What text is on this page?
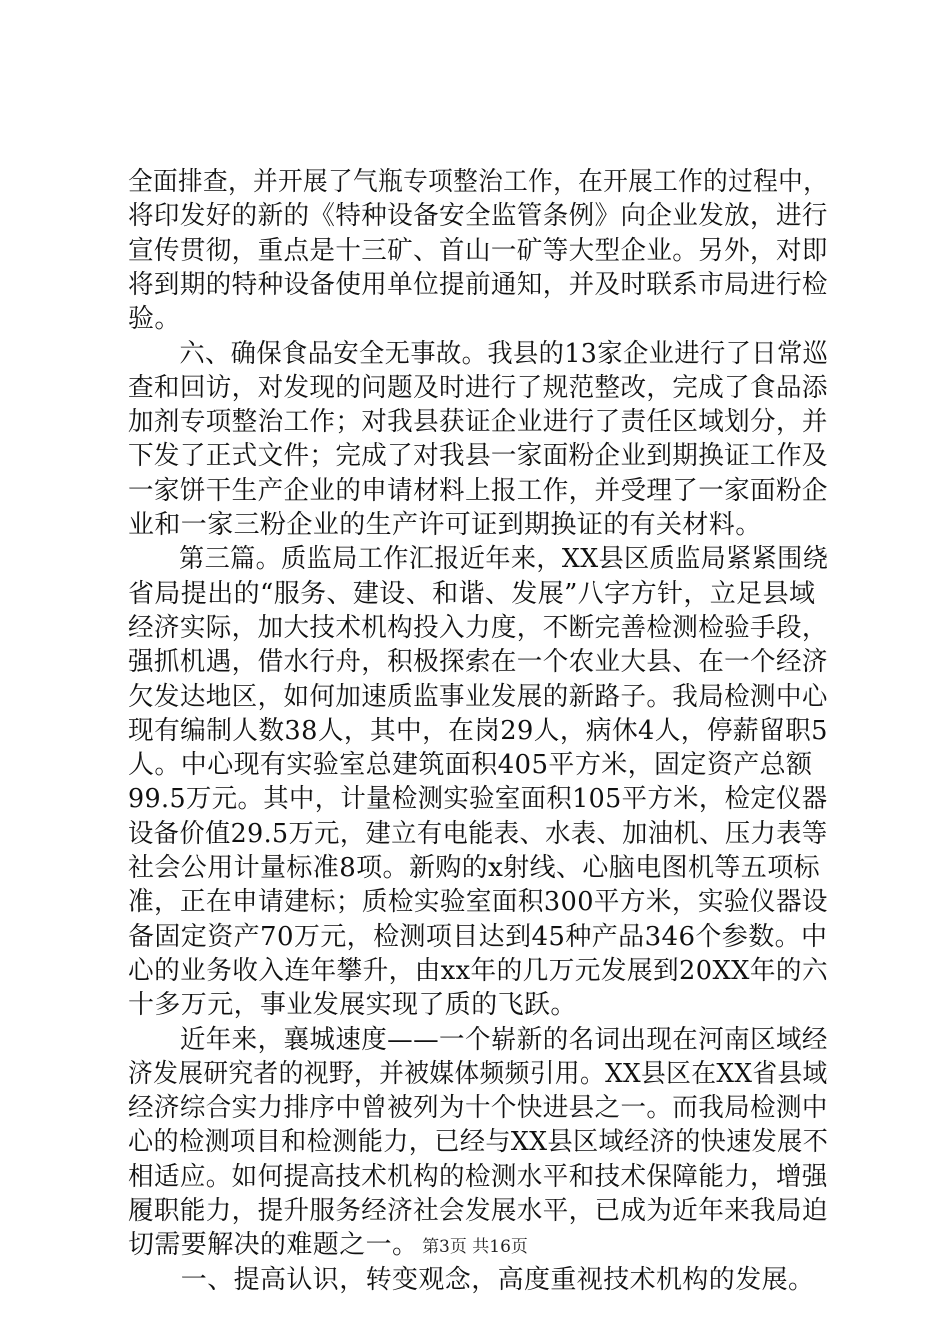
全面排查，并开展了气瓶专项整治工作，在开展工作的过程中，
将印发好的新的《特种设备安全监管条例》向企业发放，进行
宣传贯彻，重点是十三矿、首山一矿等大型企业。另外，对即
将到期的特种设备使用单位提前通知，并及时联系市局进行检
验。
　　六、确保食品安全无事故。我县的13家企业进行了日常巡
查和回访，对发现的问题及时进行了规范整改，完成了食品添
加剂专项整治工作；对我县获证企业进行了责任区域划分，并
下发了正式文件；完成了对我县一家面粉企业到期换证工作及
一家饼干生产企业的申请材料上报工作，并受理了一家面粉企
业和一家三粉企业的生产许可证到期换证的有关材料。
　　第三篇。质监局工作汇报近年来，XX县区质监局紧紧围绕
省局提出的“服务、建设、和谐、发展”八字方针，立足县域
经济实际，加大技术机构投入力度，不断完善检测检验手段，
强抓机遇，借水行舟，积极探索在一个农业大县、在一个经济
欠发达地区，如何加速质监事业发展的新路子。我局检测中心
现有编制人数38人，其中，在岗29人，病休4人，停薪留职5
人。中心现有实验室总建筑面积405平方米，固定资产总额
99.5万元。其中，计量检测实验室面积105平方米，检定仪器
设备价值29.5万元，建立有电能表、水表、加油机、压力表等
社会公用计量标准8项。新购的x射线、心脑电图机等五项标
准，正在申请建标；质检实验室面积300平方米，实验仪器设
备固定资产70万元，检测项目达到45种产品346个参数。中
心的业务收入连年攀升，由xx年的几万元发展到20XX年的六
十多万元，事业发展实现了质的飞跃。
　　近年来，襄城速度——一个崭新的名词出现在河南区域经
济发展研究者的视野，并被媒体频频引用。XX县区在XX省县域
经济综合实力排序中曾被列为十个快进县之一。而我局检测中
心的检测项目和检测能力，已经与XX县区域经济的快速发展不
相适应。如何提高技术机构的检测水平和技术保障能力，增强
履职能力，提升服务经济社会发展水平，已成为近年来我局迫
切需要解决的难题之一。
　　一、提高认识，转变观念，高度重视技术机构的发展。
第3页 共16页
